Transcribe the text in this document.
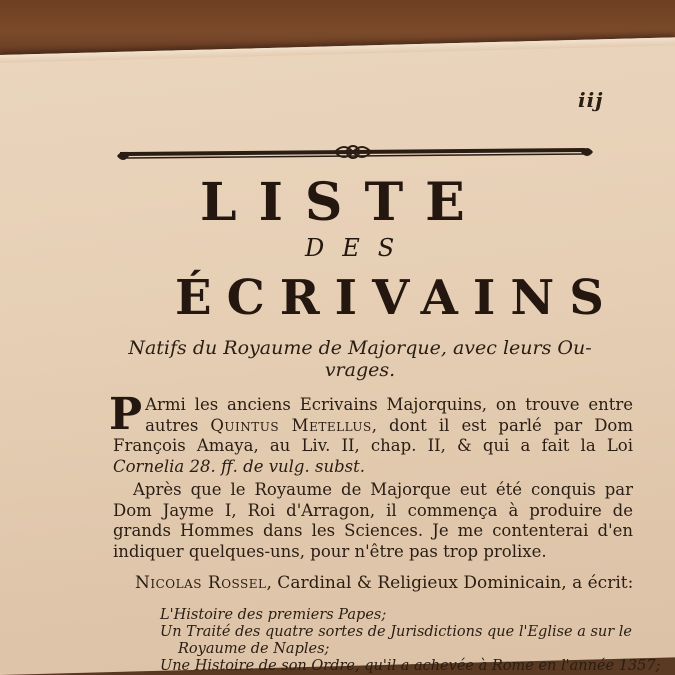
iij
LISTE
DES
ÉCRIVAINS
Natifs du Royaume de Majorque, avec leurs Ou-
vrages.

P Armi les anciens Ecrivains Majorquins, on trouve entre autres Quintus Metellus, dont il est parlé par Dom François Amaya, au Liv. II, chap. II, & qui a fait la Loi Cornelia 28. ff. de vulg. subst.

Après que le Royaume de Majorque eut été conquis par Dom Jayme I, Roi d'Arragon, il commença à produire de grands Hommes dans les Sciences. Je me contenterai d'en indiquer quelques-uns, pour n'être pas trop prolixe.

Nicolas Rossel, Cardinal & Religieux Dominicain, a écrit:
L'Histoire des premiers Papes;
Un Traité des quatre sortes de Jurisdictions que l'Eglise a sur le
Royaume de Naples;
Une Histoire de son Ordre, qu'il a achevée à Rome en l'année 1357;
